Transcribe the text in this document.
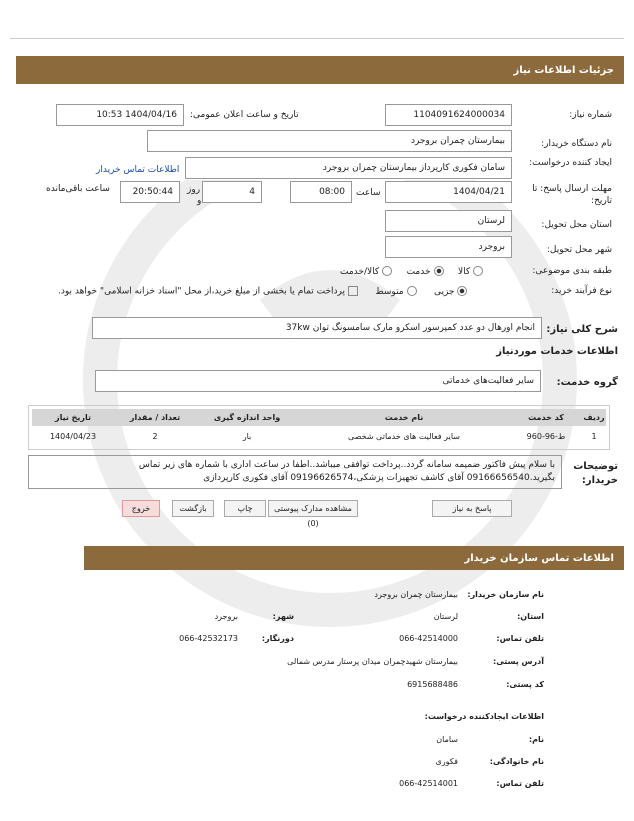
جزئیات اطلاعات نیاز
شماره نیاز:
1104091624000034
تاریخ و ساعت اعلان عمومی:
1404/04/16 10:53
نام دستگاه خریدار:
بیمارستان چمران بروجرد
ایجاد کننده درخواست:
سامان فکوری کارپرداز بیمارستان چمران بروجرد
اطلاعات تماس خریدار
مهلت ارسال پاسخ: تا تاریخ:
1404/04/21
ساعت
08:00
4
روز
و
20:50:44
ساعت باقی‌مانده
استان محل تحویل:
لرستان
شهر محل تحویل:
بروجرد
طبقه بندی موضوعی:
کالا    خدمت    کالا/خدمت
نوع فرآیند خرید:
جزیی     متوسط     پرداخت تمام یا بخشی از مبلغ خرید،از محل "اسناد خزانه اسلامی" خواهد بود.
شرح کلی نیاز:
انجام اورهال دو عدد کمپرسور اسکرو مارک سامسونگ توان 37kw
اطلاعات خدمات موردنیاز
گروه خدمت:
سایر فعالیت‌های خدماتی
ردیف	کد خدمت	نام خدمت	واحد اندازه گیری	تعداد / مقدار	تاریخ نیاز
1	ط-96-960	سایر فعالیت های خدماتی شخصی	بار	2	1404/04/23
توضیحات خریدار:
با سلام پیش فاکتور ضمیمه سامانه گردد..پرداخت توافقی میباشد..اطفا در ساعت اداری با شماره های زیر تماس
بگیرید.09166656540 آقای کاشف تجهیزات پزشکی،09196626574 آقای فکوری کارپردازی
پاسخ به نیاز
مشاهده مدارک پیوستی (0)
چاپ
بازگشت
خروج
اطلاعات تماس سازمان خریدار
نام سازمان خریدار:
بیمارستان چمران بروجرد
استان:
لرستان
شهر:
بروجرد
تلفن تماس:
066-42514000
دورنگار:
066-42532173
آدرس پستی:
بیمارستان شهیدچمران میدان پرستار مدرس شمالی
کد پستی:
6915688486
اطلاعات ایجادکننده درخواست:
نام:
سامان
نام خانوادگی:
فکوری
تلفن تماس:
066-42514001
